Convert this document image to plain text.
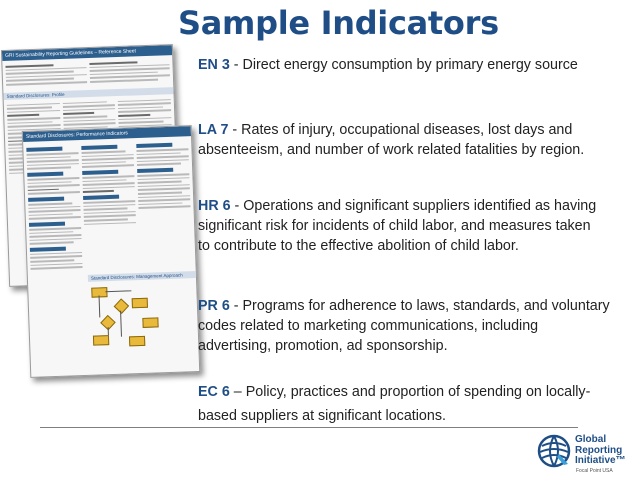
Sample Indicators
GRI Sustainability Reporting Guidelines – Reference Sheet
Standard Disclosures: Profile
Standard Disclosures: Performance Indicators
Standard Disclosures: Management Approach
EN 3 - Direct energy consumption by primary energy source
LA 7 - Rates of injury, occupational diseases, lost days and absenteeism, and number of work related fatalities by region.
HR 6 - Operations and significant suppliers identified as having significant risk for incidents of child labor, and measures taken to contribute to the effective abolition of child labor.
PR 6 - Programs for adherence to laws, standards, and voluntary codes related to marketing communications, including advertising, promotion, ad sponsorship.
EC 6 – Policy, practices and proportion of spending on locally-based suppliers at significant locations.
Global
Reporting
Initiative™
Focal Point USA
